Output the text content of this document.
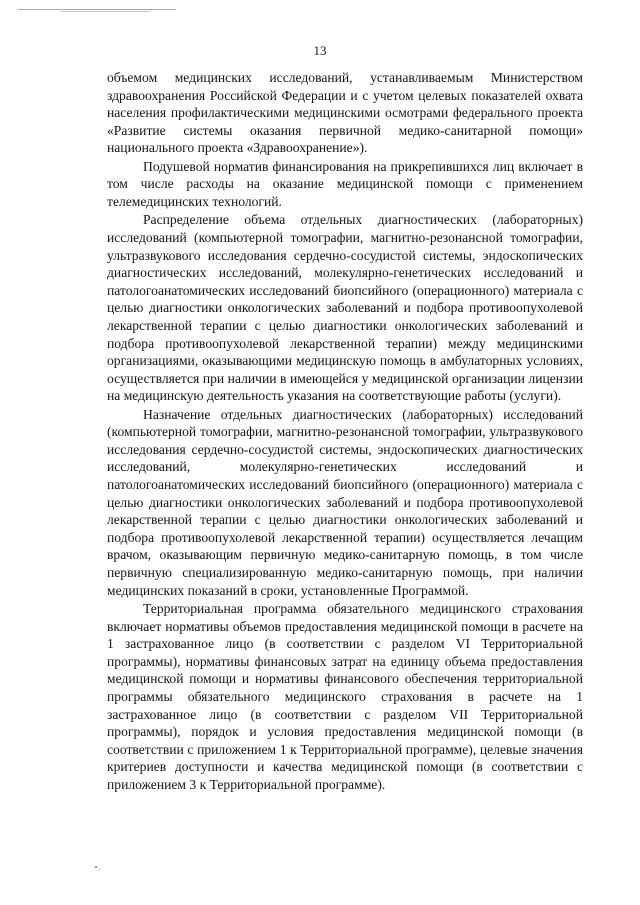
13

объемом медицинских исследований, устанавливаемым Министерством здравоохранения Российской Федерации и с учетом целевых показателей охвата населения профилактическими медицинскими осмотрами федерального проекта «Развитие системы оказания первичной медико-санитарной помощи» национального проекта «Здравоохранение»).

Подушевой норматив финансирования на прикрепившихся лиц включает в том числе расходы на оказание медицинской помощи с применением телемедицинских технологий.

Распределение объема отдельных диагностических (лабораторных) исследований (компьютерной томографии, магнитно-резонансной томографии, ультразвукового исследования сердечно-сосудистой системы, эндоскопических диагностических исследований, молекулярно-генетических исследований и патологоанатомических исследований биопсийного (операционного) материала с целью диагностики онкологических заболеваний и подбора противоопухолевой лекарственной терапии с целью диагностики онкологических заболеваний и подбора противоопухолевой лекарственной терапии) между медицинскими организациями, оказывающими медицинскую помощь в амбулаторных условиях, осуществляется при наличии в имеющейся у медицинской организации лицензии на медицинскую деятельность указания на соответствующие работы (услуги).

Назначение отдельных диагностических (лабораторных) исследований (компьютерной томографии, магнитно-резонансной томографии, ультразвукового исследования сердечно-сосудистой системы, эндоскопических диагностических исследований, молекулярно-генетических исследований и патологоанатомических исследований биопсийного (операционного) материала с целью диагностики онкологических заболеваний и подбора противоопухолевой лекарственной терапии с целью диагностики онкологических заболеваний и подбора противоопухолевой лекарственной терапии) осуществляется лечащим врачом, оказывающим первичную медико-санитарную помощь, в том числе первичную специализированную медико-санитарную помощь, при наличии медицинских показаний в сроки, установленные Программой.

Территориальная программа обязательного медицинского страхования включает нормативы объемов предоставления медицинской помощи в расчете на 1 застрахованное лицо (в соответствии с разделом VI Территориальной программы), нормативы финансовых затрат на единицу объема предоставления медицинской помощи и нормативы финансового обеспечения территориальной программы обязательного медицинского страхования в расчете на 1 застрахованное лицо (в соответствии с разделом VII Территориальной программы), порядок и условия предоставления медицинской помощи (в соответствии с приложением 1 к Территориальной программе), целевые значения критериев доступности и качества медицинской помощи (в соответствии с приложением 3 к Территориальной программе).
